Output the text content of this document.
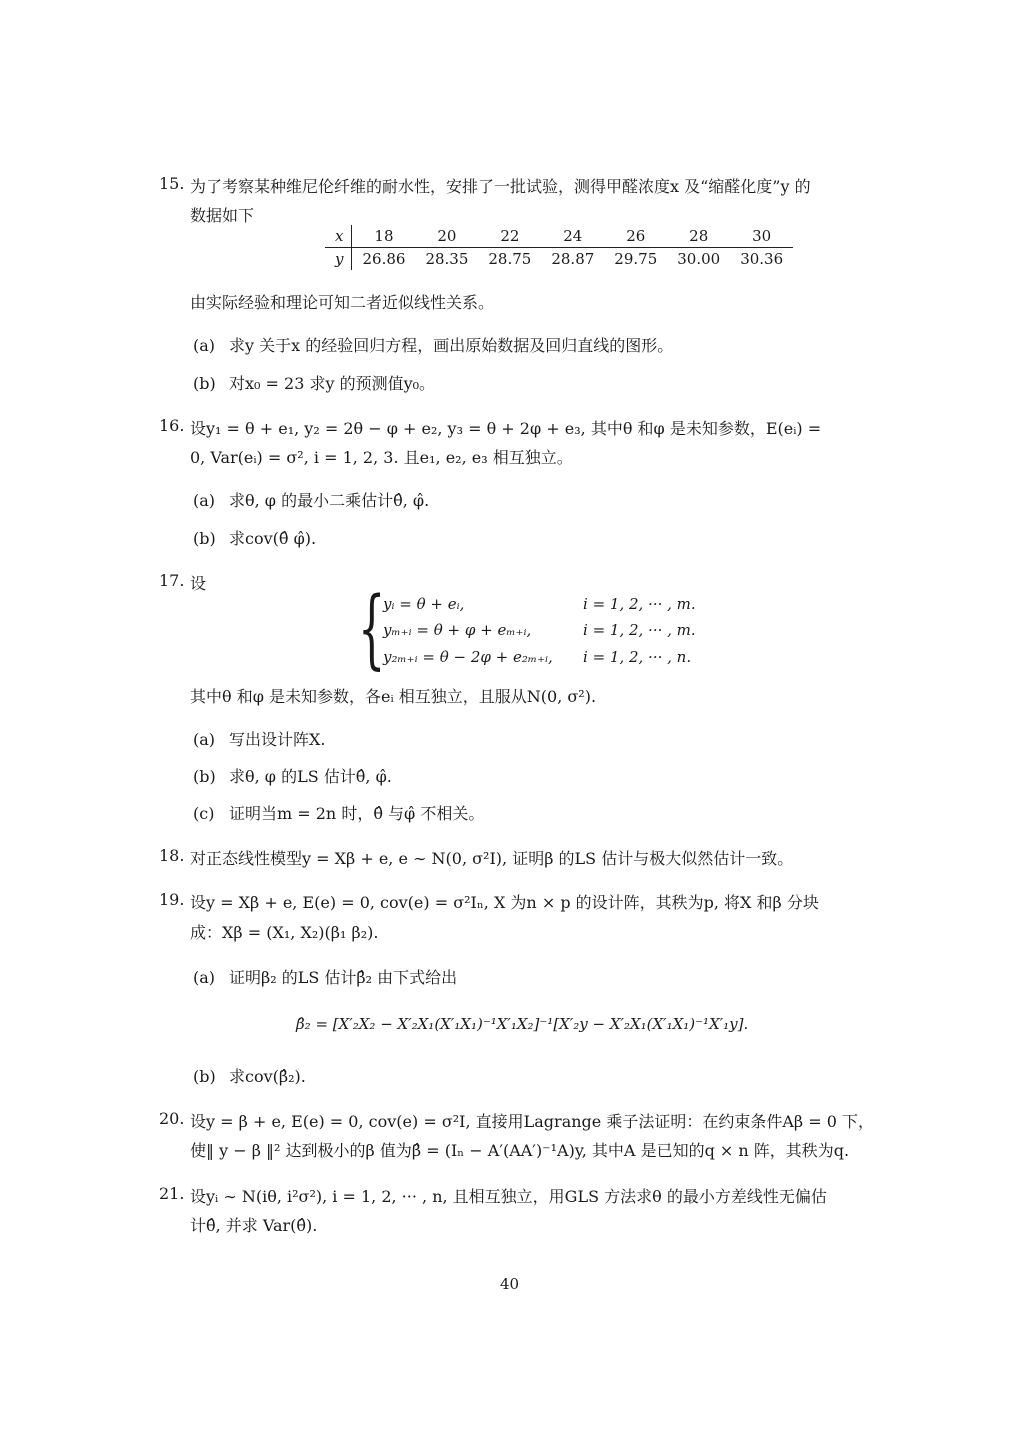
15. 为了考察某种维尼伦纤维的耐水性，安排了一批试验，测得甲醛浓度x 及“缩醛化度”y 的
数据如下
x	18	20	22	24	26	28	30
y	26.86	28.35	28.75	28.87	29.75	30.00	30.36
由实际经验和理论可知二者近似线性关系。
(a) 求y 关于x 的经验回归方程，画出原始数据及回归直线的图形。
(b) 对x₀ = 23 求y 的预测值y₀。
16. 设y₁ = θ + e₁, y₂ = 2θ − φ + e₂, y₃ = θ + 2φ + e₃, 其中θ 和φ 是未知参数，E(eᵢ) =
0, Var(eᵢ) = σ², i = 1, 2, 3. 且e₁, e₂, e₃ 相互独立。
(a) 求θ, φ 的最小二乘估计θ̂, φ̂.
(b) 求cov(θ̂ φ̂).
17. 设 {
yᵢ = θ + eᵢ,	i = 1, 2, ··· , m.
yₘ₊ᵢ = θ + φ + eₘ₊ᵢ,	i = 1, 2, ··· , m.
y₂ₘ₊ᵢ = θ − 2φ + e₂ₘ₊ᵢ, i = 1, 2, ··· , n.
其中θ 和φ 是未知参数，各eᵢ 相互独立，且服从N(0, σ²).
(a) 写出设计阵X.
(b) 求θ, φ 的LS 估计θ̂, φ̂.
(c) 证明当m = 2n 时，θ̂ 与φ̂ 不相关。
18. 对正态线性模型y = Xβ + e, e ∼ N(0, σ²I), 证明β 的LS 估计与极大似然估计一致。
19. 设y = Xβ + e, E(e) = 0, cov(e) = σ²Iₙ, X 为n × p 的设计阵，其秩为p, 将X 和β 分块
成：Xβ = (X₁, X₂)(β₁ β₂).
(a) 证明β₂ 的LS 估计β̂₂ 由下式给出
β̂₂ = [X′₂X₂ − X′₂X₁(X′₁X₁)⁻¹X′₁X₂]⁻¹[X′₂y − X′₂X₁(X′₁X₁)⁻¹X′₁y].
(b) 求cov(β̂₂).
20. 设y = β + e, E(e) = 0, cov(e) = σ²I, 直接用Lagrange 乘子法证明：在约束条件Aβ = 0 下，
使‖ y − β ‖² 达到极小的β 值为β̂ = (Iₙ − A′(AA′)⁻¹A)y, 其中A 是已知的q × n 阵，其秩为q.
21. 设yᵢ ∼ N(iθ, i²σ²), i = 1, 2, ··· , n, 且相互独立，用GLS 方法求θ 的最小方差线性无偏估
计θ̂, 并求 Var(θ̂).
40
